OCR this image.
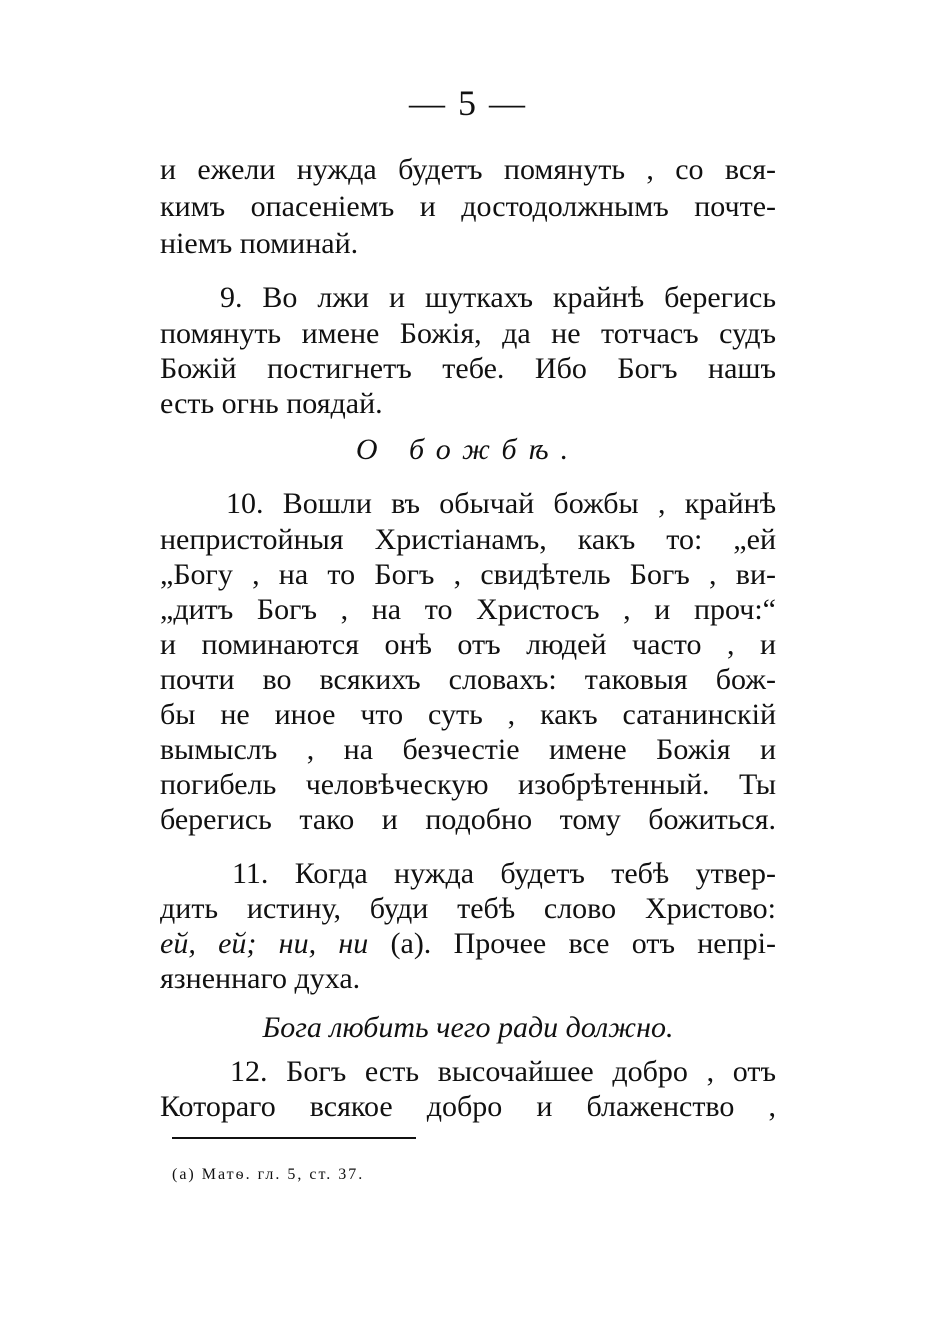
— 5 —
и ежели нужда будетъ помянуть , со вся-
кимъ опасеніемъ и достодолжнымъ почте-
ніемъ поминай.
9. Во лжи и шуткахъ крайнѣ берегись
помянуть имене Божія, да не тотчасъ судъ
Божій постигнетъ тебе. Ибо Богъ нашъ
есть огнь поядай.
О божбѣ.
10. Вошли въ обычай божбы , крайнѣ
непристойныя Христіанамъ, какъ то: „ей
„Богу , на то Богъ , свидѣтель Богъ , ви-
„дитъ Богъ , на то Христосъ , и проч:“
и поминаются онѣ отъ людей часто , и
почти во всякихъ словахъ: таковыя бож-
бы не иное что суть , какъ сатанинскій
вымыслъ , на безчестіе имене Божія и
погибель человѣческую изобрѣтенный. Ты
берегись тако и подобно тому божиться.
11. Когда нужда будетъ тебѣ утвер-
дить истину, буди тебѣ слово Христово:
ей, ей; ни, ни (а). Прочее все отъ непрі-
язненнаго духа.
Бога любить чего ради должно.
12. Богъ есть высочайшее добро , отъ
Котораго всякое добро и блаженство ,
(а) Матѳ. гл. 5, ст. 37.
